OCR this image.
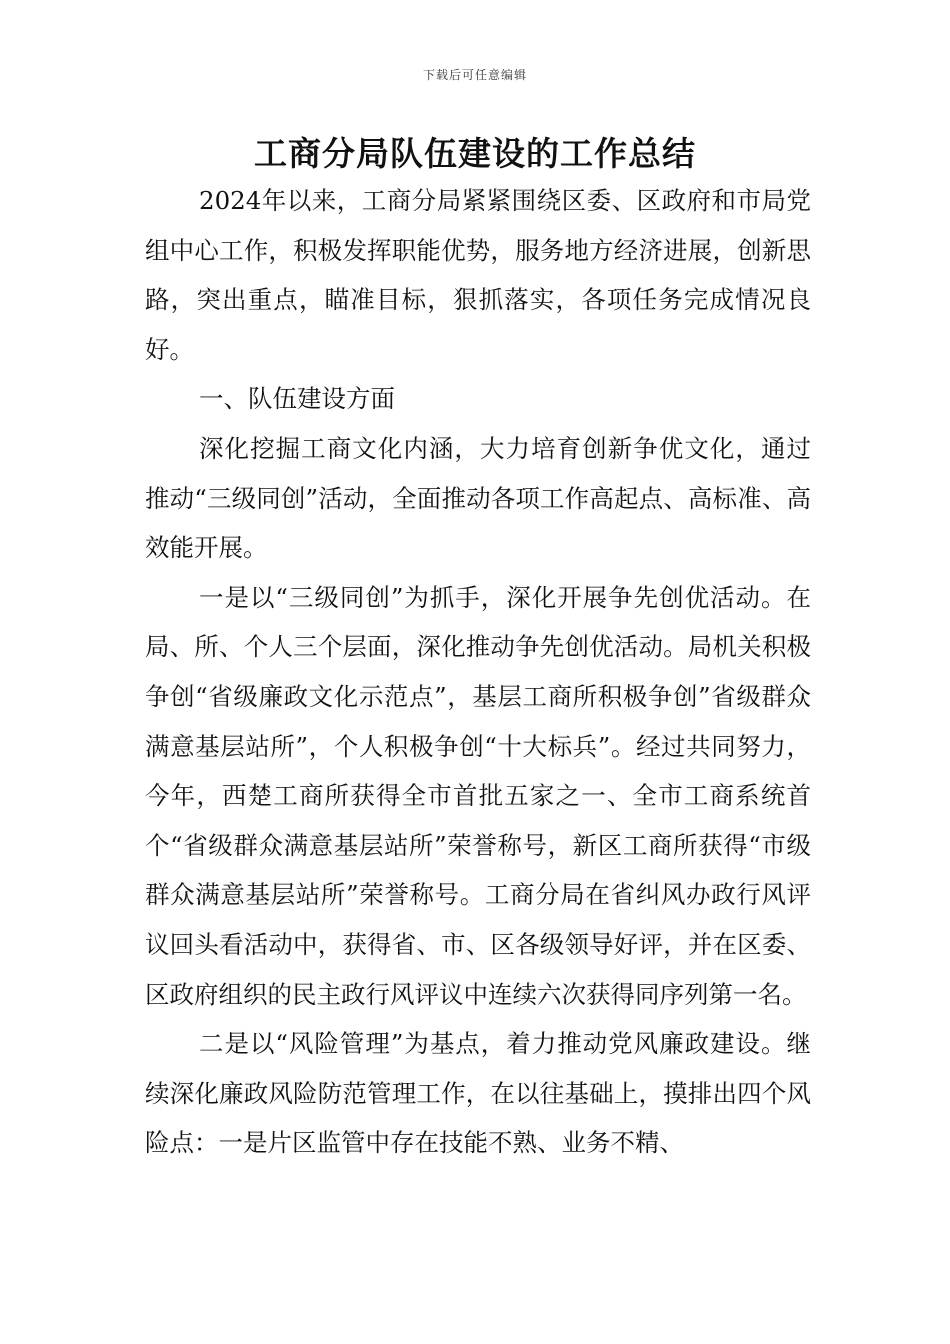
下载后可任意编辑
工商分局队伍建设的工作总结

2024年以来，工商分局紧紧围绕区委、区政府和市局党组中心工作，积极发挥职能优势，服务地方经济进展，创新思路，突出重点，瞄准目标，狠抓落实，各项任务完成情况良好。

一、队伍建设方面

深化挖掘工商文化内涵，大力培育创新争优文化，通过推动“三级同创”活动，全面推动各项工作高起点、高标准、高效能开展。

一是以“三级同创”为抓手，深化开展争先创优活动。在局、所、个人三个层面，深化推动争先创优活动。局机关积极争创“省级廉政文化示范点”，基层工商所积极争创”省级群众满意基层站所”，个人积极争创“十大标兵”。经过共同努力，今年，西楚工商所获得全市首批五家之一、全市工商系统首个“省级群众满意基层站所”荣誉称号，新区工商所获得“市级群众满意基层站所”荣誉称号。工商分局在省纠风办政行风评议回头看活动中，获得省、市、区各级领导好评，并在区委、区政府组织的民主政行风评议中连续六次获得同序列第一名。

二是以“风险管理”为基点，着力推动党风廉政建设。继续深化廉政风险防范管理工作，在以往基础上，摸排出四个风险点：一是片区监管中存在技能不熟、业务不精、
